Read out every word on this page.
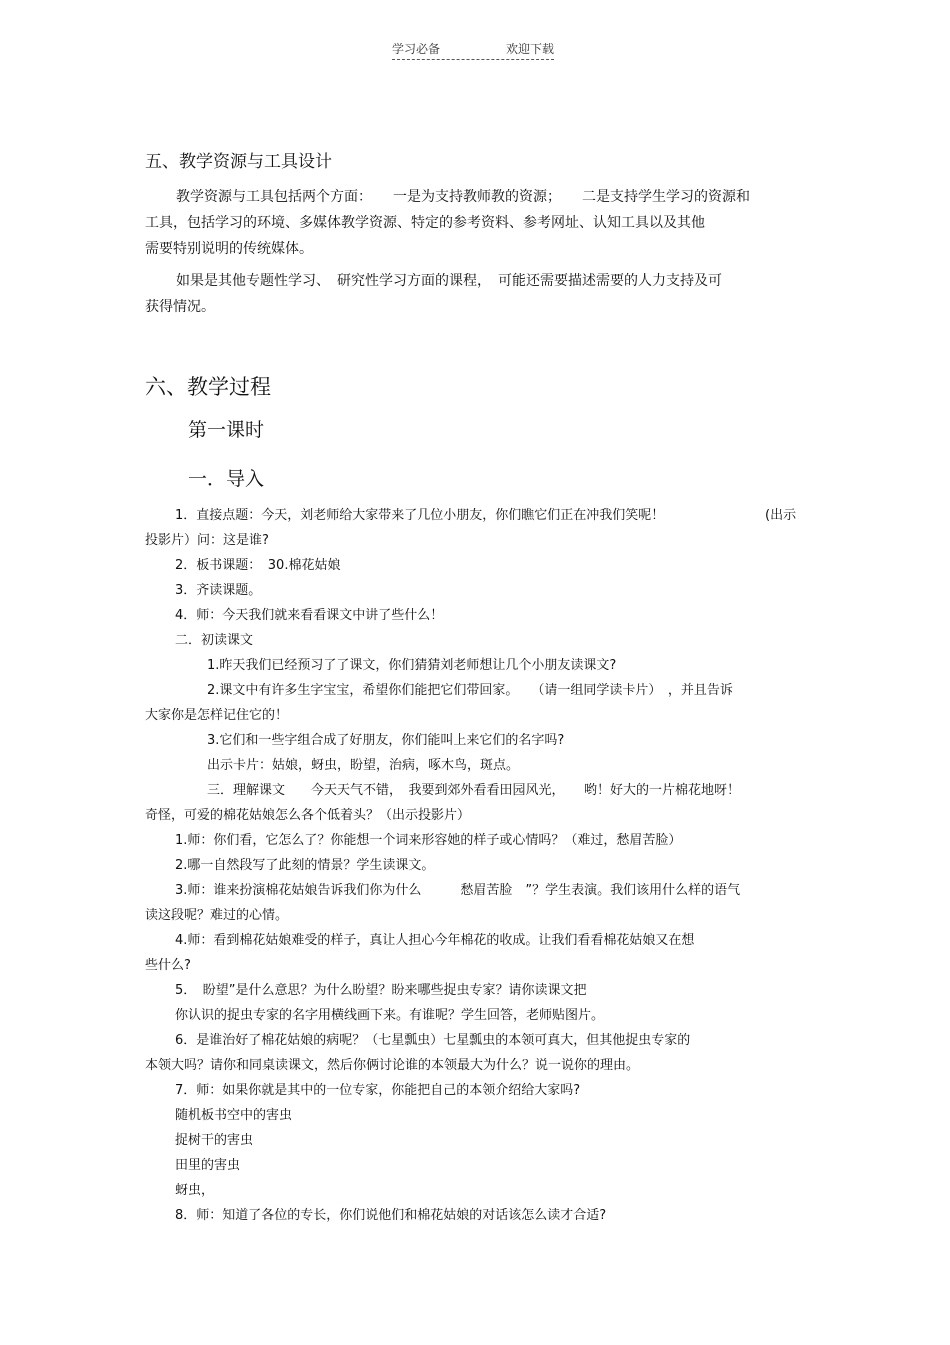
学习必备	欢迎下载
五、教学资源与工具设计
教学资源与工具包括两个方面：　　一是为支持教师教的资源；　　二是支持学生学习的资源和
工具，包括学习的环境、多媒体教学资源、特定的参考资料、参考网址、认知工具以及其他
需要特别说明的传统媒体。
如果是其他专题性学习、　研究性学习方面的课程，　可能还需要描述需要的人力支持及可
获得情况。
六、教学过程
第一课时
一．导入
1．直接点题：今天，刘老师给大家带来了几位小朋友，你们瞧它们正在冲我们笑呢！	(出示
投影片）问：这是谁?
2．板书课题：　30.棉花姑娘
3．齐读课题。
4．师：今天我们就来看看课文中讲了些什么！
二．初读课文
1.昨天我们已经预习了了课文，你们猜猜刘老师想让几个小朋友读课文?
2.课文中有许多生字宝宝，希望你们能把它们带回家。　　（请一组同学读卡片）　，并且告诉
大家你是怎样记住它的！
3.它们和一些字组合成了好朋友，你们能叫上来它们的名字吗?
出示卡片：姑娘，蚜虫，盼望，治病，啄木鸟，斑点。
三．理解课文　　今天天气不错，　我要到郊外看看田园风光，　　哟！好大的一片棉花地呀！
奇怪，可爱的棉花姑娘怎么各个低着头？（出示投影片）
1.师：你们看，它怎么了？你能想一个词来形容她的样子或心情吗？（难过，愁眉苦脸）
2.哪一自然段写了此刻的情景？学生读课文。
3.师：谁来扮演棉花姑娘告诉我们你为什么　　　愁眉苦脸　”？学生表演。我们该用什么样的语气
读这段呢？难过的心情。
4.师：看到棉花姑娘难受的样子，真让人担心今年棉花的收成。让我们看看棉花姑娘又在想
些什么?
5．　盼望”是什么意思？为什么盼望？盼来哪些捉虫专家？请你读课文把
你认识的捉虫专家的名字用横线画下来。有谁呢？学生回答，老师贴图片。
6．是谁治好了棉花姑娘的病呢？（七星瓢虫）七星瓢虫的本领可真大，但其他捉虫专家的
本领大吗？请你和同桌读课文，然后你俩讨论谁的本领最大为什么？说一说你的理由。
7．师：如果你就是其中的一位专家，你能把自己的本领介绍给大家吗?
随机板书空中的害虫
捉树干的害虫
田里的害虫
蚜虫，
8．师：知道了各位的专长，你们说他们和棉花姑娘的对话该怎么读才合适?
